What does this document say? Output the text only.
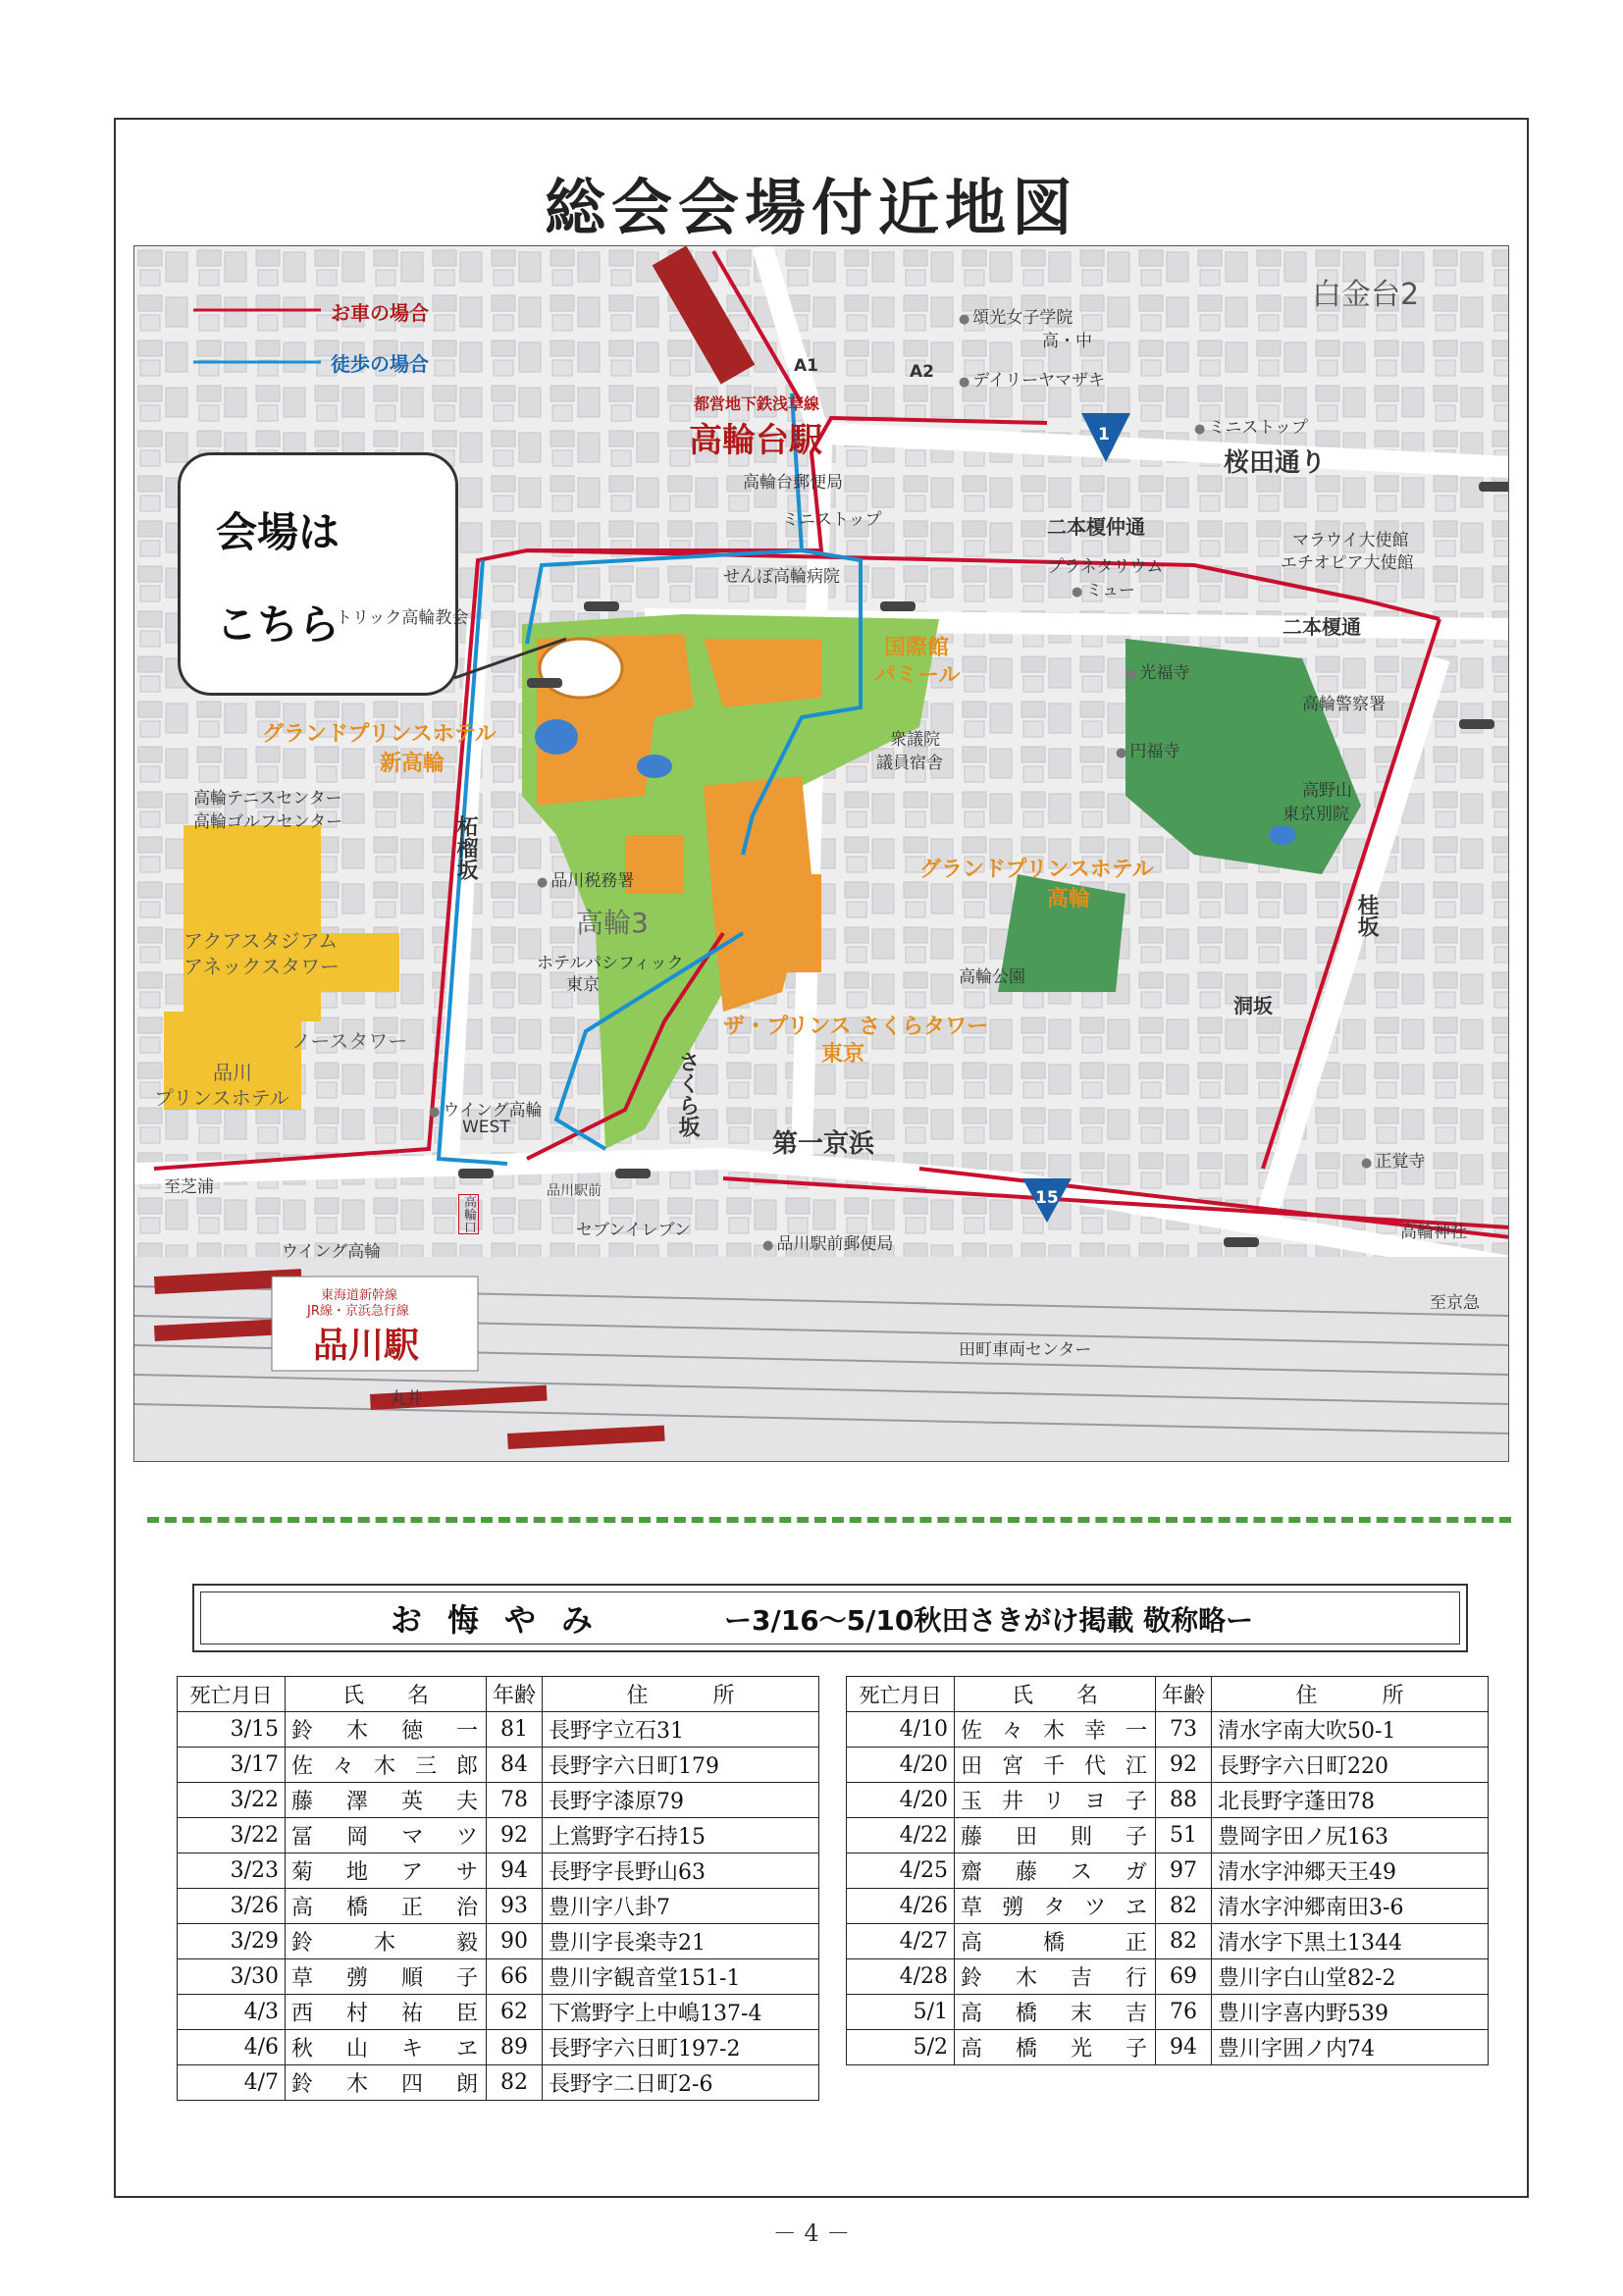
総会会場付近地図
お車の場合
徒歩の場合
会場は
こちら
白金台2
● 頌光女子学院
高・中
● デイリーヤマザキ
● ミニストップ
桜田通り
1
都営地下鉄浅草線
高輪台駅
A1	A2
高輪台郵便局
ミニストップ
せんぽ高輪病院
二本榎仲通
マラウイ大使館
エチオピア大使館
プラネタリウム
● ミュー
トリック高輪教会	二本榎通
国際館
パミール	● 光福寺
高輪警察署
グランドプリンスホテル
新高輪
衆議院
議員宿舎
● 円福寺
高輪テニスセンター
高輪ゴルフセンター
高野山
東京別院
柘榴坂
● 品川税務署	グランドプリンスホテル
高輪	桂坂
アクアスタジアム
アネックスタワー
高輪3
ホテルパシフィック
東京	高輪公園
洞坂
ノースタワー
品川
プリンスホテル
ザ・プリンス さくらタワー
東京
さくら坂
● ウイング高輪
WEST
第一京浜
● 正覚寺
15
至芝浦	品川駅前
高輪口	セブンイレブン
● 品川駅前郵便局
高輪神社
ウイング高輪
至京急
東海道新幹線
JR線・京浜急行線
品川駅	田町車両センター
丸井
お悔やみ	ー3/16～5/10秋田さきがけ掲載 敬称略ー
死亡月日	氏　　名	年齢	住　　　所
3/15	鈴木徳一	81	長野字立石31
3/17	佐々木三郎	84	長野字六日町179
3/22	藤澤英夫	78	長野字漆原79
3/22	冨岡マツ	92	上鴬野字石持15
3/23	菊地アサ	94	長野字長野山63
3/26	高橋正治	93	豊川字八卦7
3/29	鈴木毅	90	豊川字長楽寺21
3/30	草彅順子	66	豊川字観音堂151-1
4/3	西村祐臣	62	下鴬野字上中嶋137-4
4/6	秋山キヱ	89	長野字六日町197-2
4/7	鈴木四朗	82	長野字二日町2-6
死亡月日	氏　　名	年齢	住　　　所
4/10	佐々木幸一	73	清水字南大吹50-1
4/20	田宮千代江	92	長野字六日町220
4/20	玉井リヨ子	88	北長野字蓬田78
4/22	藤田則子	51	豊岡字田ノ尻163
4/25	齋藤スガ	97	清水字沖郷天王49
4/26	草彅タツヱ	82	清水字沖郷南田3-6
4/27	高橋正	82	清水字下黒土1344
4/28	鈴木吉行	69	豊川字白山堂82-2
5/1	高橋末吉	76	豊川字喜内野539
5/2	高橋光子	94	豊川字囲ノ内74
－ 4 －
